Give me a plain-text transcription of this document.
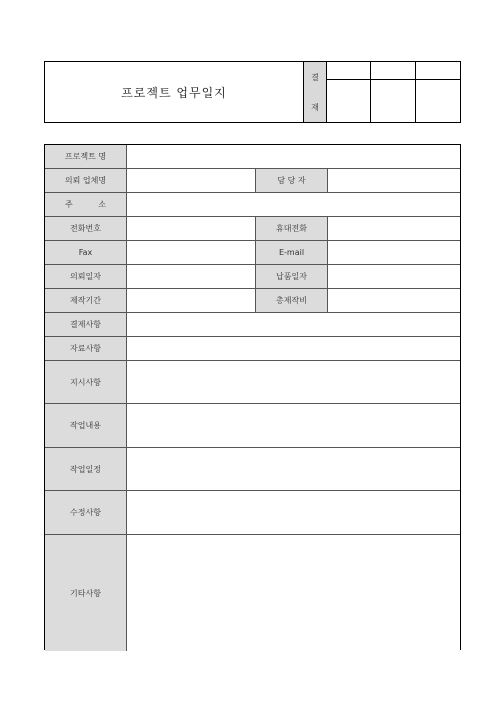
프로젝트 업무일지
결
재
프로젝트 명
의뢰 업체명	담 당 자
주          소
전화번호	휴대전화
Fax	E-mail
의뢰일자	납품일자
제작기간	총제작비
결제사항
자료사항
지시사항
작업내용
작업일정
수정사항
기타사항
